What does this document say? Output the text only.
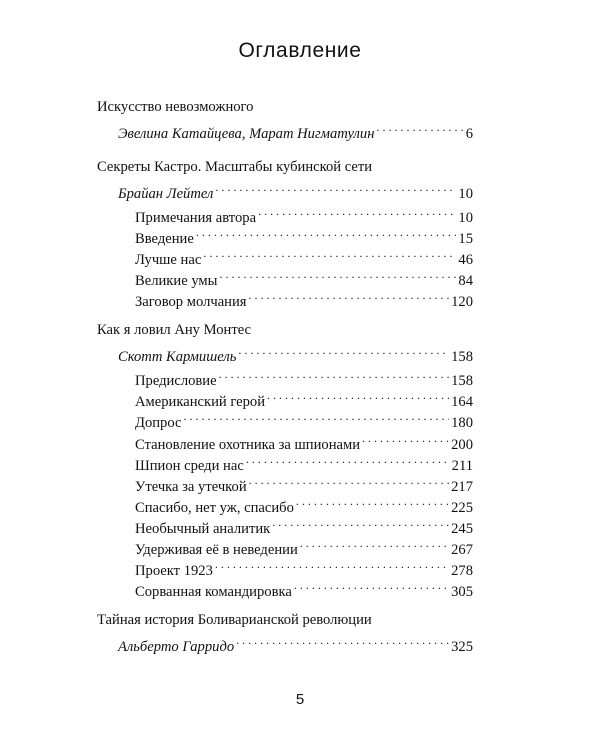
Оглавление
Искусство невозможного
Эвелина Катайцева, Марат Нигматулин . . .	6
Секреты Кастро. Масштабы кубинской сети
Брайан Лейтел . . .	10
Примечания автора . . .	10
Введение . . .	15
Лучше нас . . .	46
Великие умы . . .	84
Заговор молчания . . .	120
Как я ловил Ану Монтес
Скотт Кармишель . . .	158
Предисловие . . .	158
Американский герой . . .	164
Допрос . . .	180
Становление охотника за шпионами . . .	200
Шпион среди нас . . .	211
Утечка за утечкой . . .	217
Спасибо, нет уж, спасибо . . .	225
Необычный аналитик . . .	245
Удерживая её в неведении . . .	267
Проект 1923 . . .	278
Сорванная командировка . . .	305
Тайная история Боливарианской революции
Альберто Гарридо . . .	325
5
